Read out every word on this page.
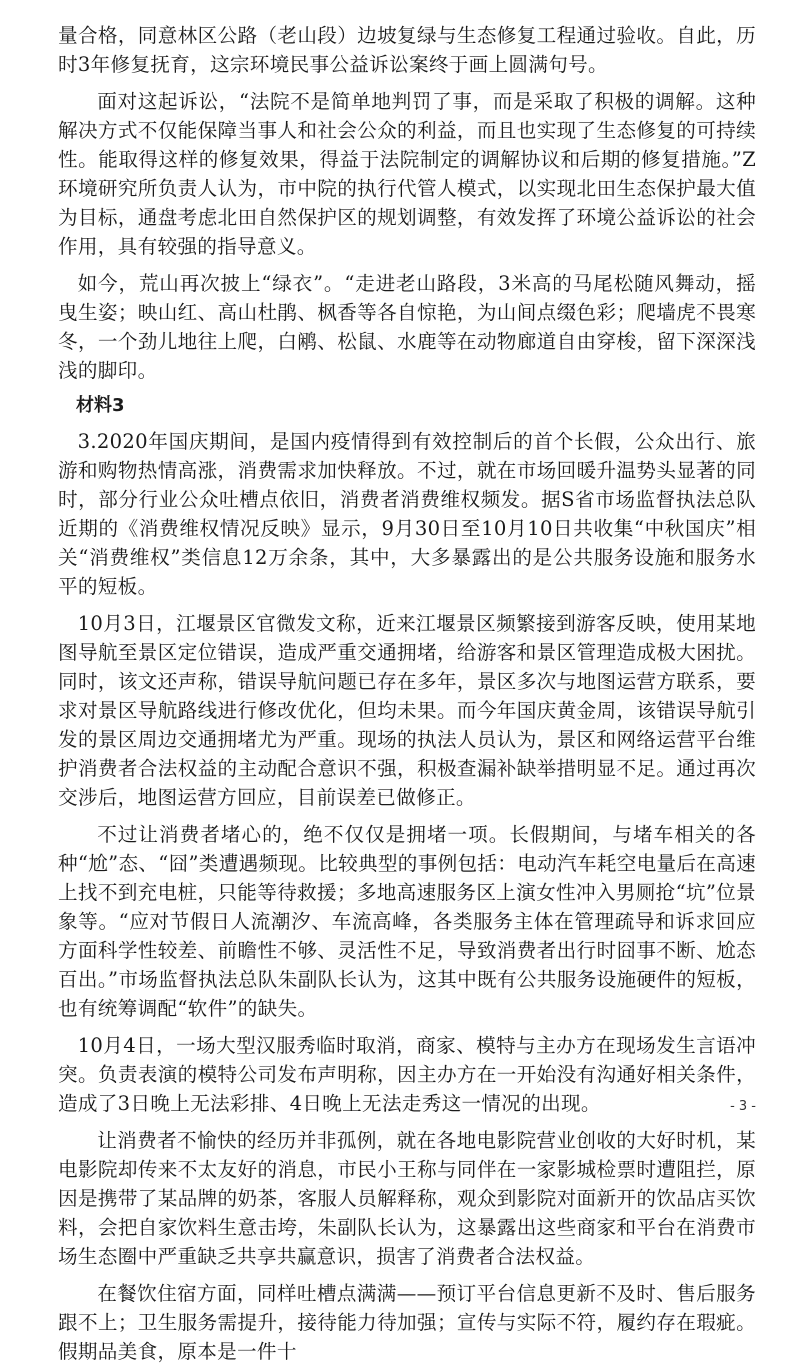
量合格，同意林区公路（老山段）边坡复绿与生态修复工程通过验收。自此，历时3年修复抚育，这宗环境民事公益诉讼案终于画上圆满句号。

面对这起诉讼，“法院不是简单地判罚了事，而是采取了积极的调解。这种解决方式不仅能保障当事人和社会公众的利益，而且也实现了生态修复的可持续性。能取得这样的修复效果，得益于法院制定的调解协议和后期的修复措施。”Z环境研究所负责人认为，市中院的执行代管人模式，以实现北田生态保护最大值为目标，通盘考虑北田自然保护区的规划调整，有效发挥了环境公益诉讼的社会作用，具有较强的指导意义。

如今，荒山再次披上“绿衣”。“走进老山路段，3米高的马尾松随风舞动，摇曳生姿；映山红、高山杜鹃、枫香等各自惊艳，为山间点缀色彩；爬墙虎不畏寒冬，一个劲儿地往上爬，白鹇、松鼠、水鹿等在动物廊道自由穿梭，留下深深浅浅的脚印。

材料3

3.2020年国庆期间，是国内疫情得到有效控制后的首个长假，公众出行、旅游和购物热情高涨，消费需求加快释放。不过，就在市场回暖升温势头显著的同时，部分行业公众吐槽点依旧，消费者消费维权频发。据S省市场监督执法总队近期的《消费维权情况反映》显示，9月30日至10月10日共收集“中秋国庆”相关“消费维权”类信息12万余条，其中，大多暴露出的是公共服务设施和服务水平的短板。

10月3日，江堰景区官微发文称，近来江堰景区频繁接到游客反映，使用某地图导航至景区定位错误，造成严重交通拥堵，给游客和景区管理造成极大困扰。同时，该文还声称，错误导航问题已存在多年，景区多次与地图运营方联系，要求对景区导航路线进行修改优化，但均未果。而今年国庆黄金周，该错误导航引发的景区周边交通拥堵尤为严重。现场的执法人员认为，景区和网络运营平台维护消费者合法权益的主动配合意识不强，积极查漏补缺举措明显不足。通过再次交涉后，地图运营方回应，目前误差已做修正。

不过让消费者堵心的，绝不仅仅是拥堵一项。长假期间，与堵车相关的各种“尬”态、“囧”类遭遇频现。比较典型的事例包括：电动汽车耗空电量后在高速上找不到充电桩，只能等待救援；多地高速服务区上演女性冲入男厕抢“坑”位景象等。“应对节假日人流潮汐、车流高峰，各类服务主体在管理疏导和诉求回应方面科学性较差、前瞻性不够、灵活性不足，导致消费者出行时囧事不断、尬态百出。”市场监督执法总队朱副队长认为，这其中既有公共服务设施硬件的短板，也有统筹调配“软件”的缺失。

10月4日，一场大型汉服秀临时取消，商家、模特与主办方在现场发生言语冲突。负责表演的模特公司发布声明称，因主办方在一开始没有沟通好相关条件，造成了3日晚上无法彩排、4日晚上无法走秀这一情况的出现。

让消费者不愉快的经历并非孤例，就在各地电影院营业创收的大好时机，某电影院却传来不太友好的消息，市民小王称与同伴在一家影城检票时遭阻拦，原因是携带了某品牌的奶茶，客服人员解释称，观众到影院对面新开的饮品店买饮料，会把自家饮料生意击垮，朱副队长认为，这暴露出这些商家和平台在消费市场生态圈中严重缺乏共享共赢意识，损害了消费者合法权益。

在餐饮住宿方面，同样吐槽点满满——预订平台信息更新不及时、售后服务跟不上；卫生服务需提升，接待能力待加强；宣传与实际不符，履约存在瑕疵。假期品美食，原本是一件十

- 3 -
